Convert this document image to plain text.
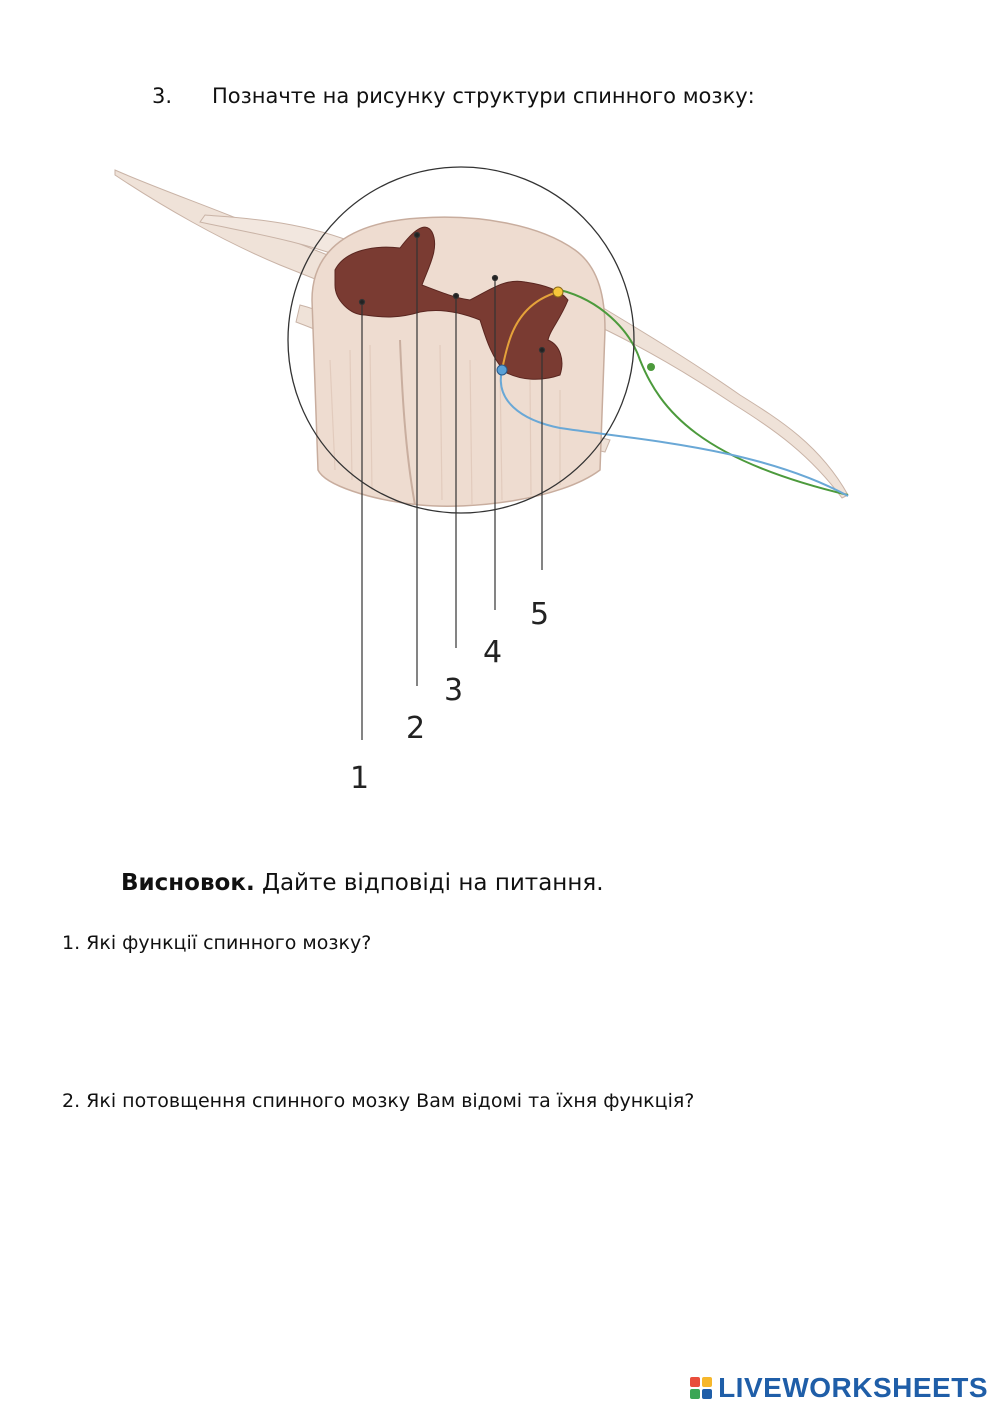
3. Позначте на рисунку структури спинного мозку:
1
2
3
4
5
Висновок. Дайте відповіді на питання.
1. Які функції спинного мозку?
2. Які потовщення спинного мозку Вам відомі та їхня функція?
LIVEWORKSHEETS
